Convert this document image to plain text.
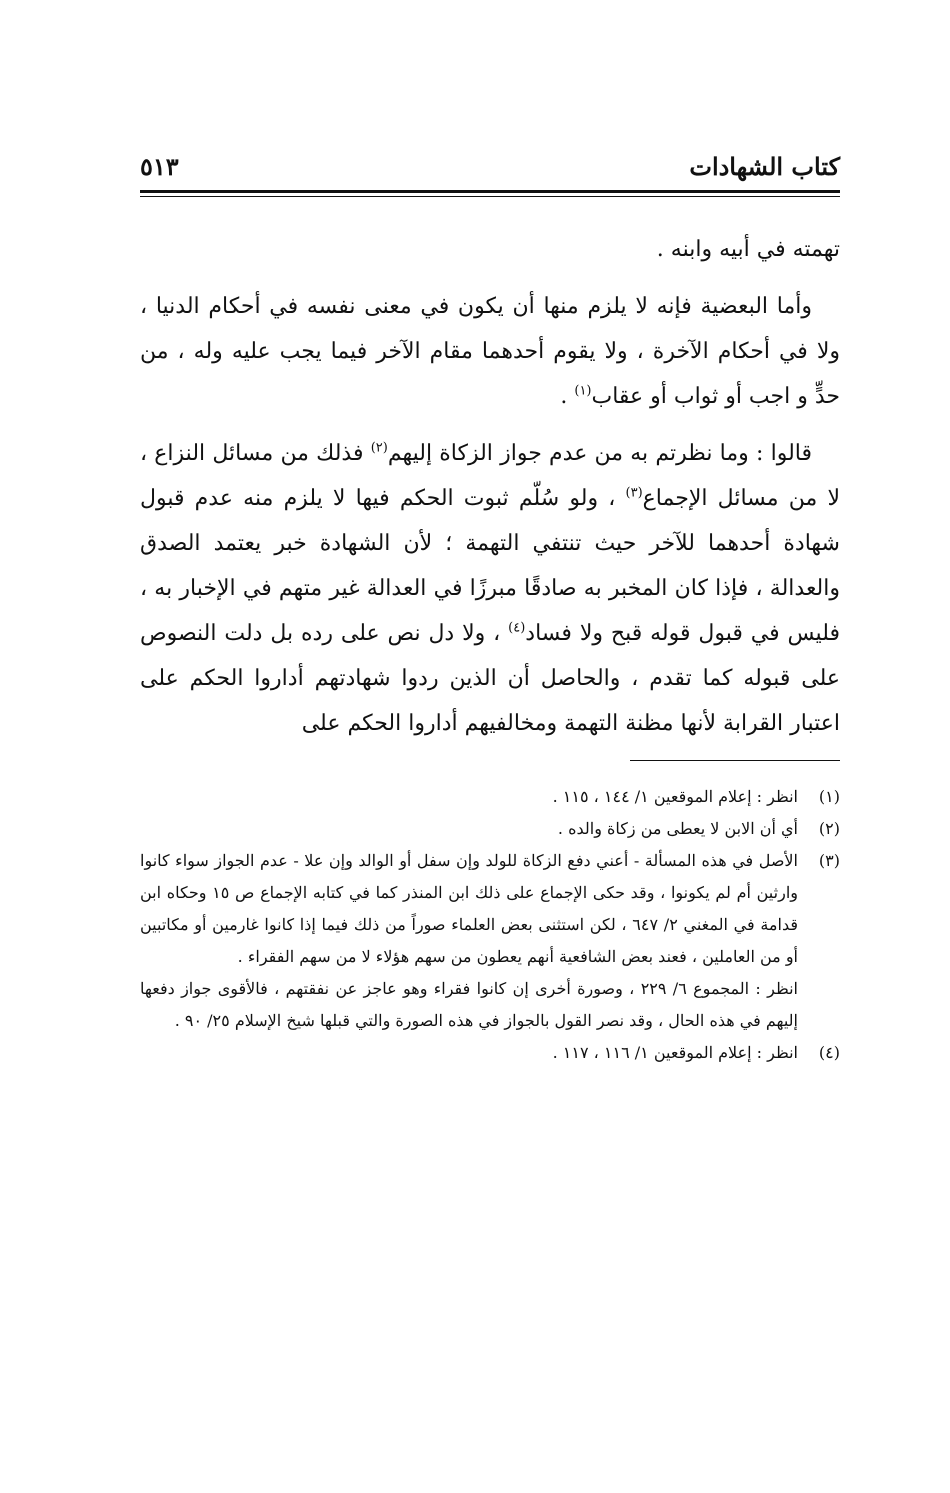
كتاب الشهادات
٥١٣

تهمته في أبيه وابنه .

وأما البعضية فإنه لا يلزم منها أن يكون في معنى نفسه في أحكام الدنيا ، ولا في أحكام الآخرة ، ولا يقوم أحدهما مقام الآخر فيما يجب عليه وله ، من حدٍّ و اجب أو ثواب أو عقاب$^{(١)}$ .

قالوا : وما نظرتم به من عدم جواز الزكاة إليهم$^{(٢)}$ فذلك من مسائل النزاع ، لا من مسائل الإجماع$^{(٣)}$ ، ولو سُلّم ثبوت الحكم فيها لا يلزم منه عدم قبول شهادة أحدهما للآخر حيث تنتفي التهمة ؛ لأن الشهادة خبر يعتمد الصدق والعدالة ، فإذا كان المخبر به صادقًا مبرزًا في العدالة غير متهم في الإخبار به ، فليس في قبول قوله قبح ولا فساد$^{(٤)}$ ، ولا دل نص على رده بل دلت النصوص على قبوله كما تقدم ، والحاصل أن الذين ردوا شهادتهم أداروا الحكم على اعتبار القرابة لأنها مظنة التهمة ومخالفيهم أداروا الحكم على

(١)
انظر : إعلام الموقعين ١/ ١٤٤ ، ١١٥ .
(٢)
أي أن الابن لا يعطى من زكاة والده .
(٣)
الأصل في هذه المسألة - أعني دفع الزكاة للولد وإن سفل أو الوالد وإن علا - عدم الجواز سواء كانوا وارثين أم لم يكونوا ، وقد حكى الإجماع على ذلك ابن المنذر كما في كتابه الإجماع ص ١٥ وحكاه ابن قدامة في المغني ٢/ ٦٤٧ ، لكن استثنى بعض العلماء صوراً من ذلك فيما إذا كانوا غارمين أو مكاتبين أو من العاملين ، فعند بعض الشافعية أنهم يعطون من سهم هؤلاء لا من سهم الفقراء .
انظر : المجموع ٦/ ٢٢٩ ، وصورة أخرى إن كانوا فقراء وهو عاجز عن نفقتهم ، فالأقوى جواز دفعها إليهم في هذه الحال ، وقد نصر القول بالجواز في هذه الصورة والتي قبلها شيخ الإسلام ٢٥/ ٩٠ .
(٤)
انظر : إعلام الموقعين ١/ ١١٦ ، ١١٧ .
